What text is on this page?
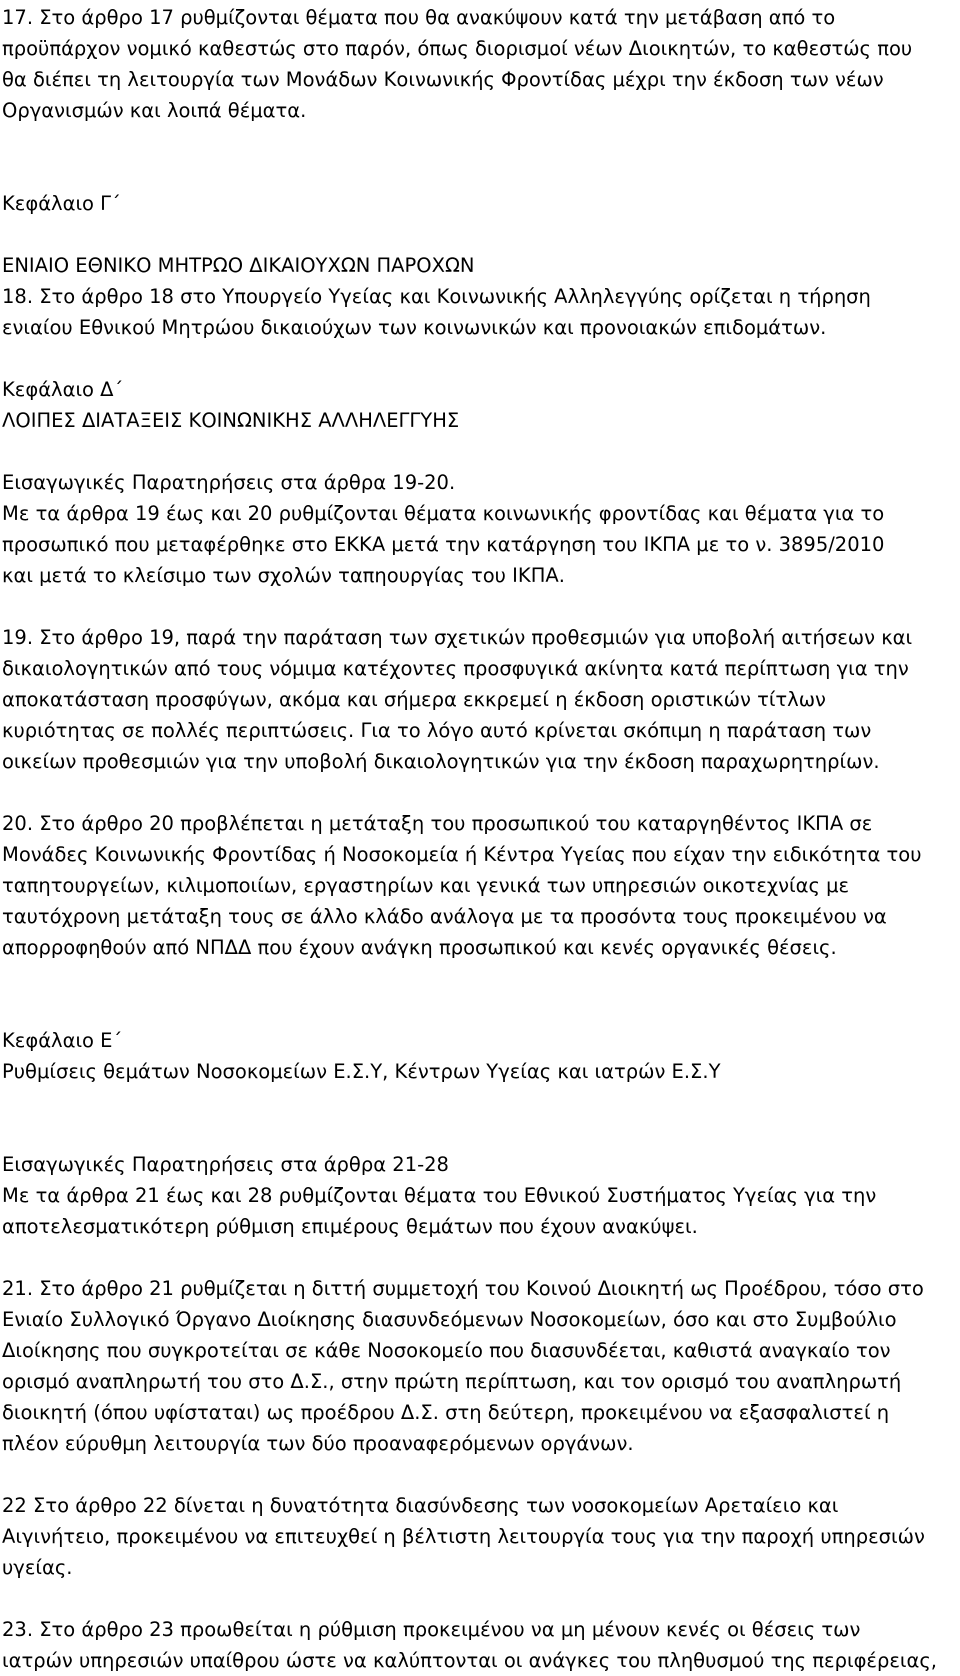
17. Στο άρθρο 17 ρυθμίζονται θέματα που θα ανακύψουν κατά την μετάβαση από το
προϋπάρχον νομικό καθεστώς στο παρόν, όπως διορισμοί νέων Διοικητών, το καθεστώς που
θα διέπει τη λειτουργία των Μονάδων Κοινωνικής Φροντίδας μέχρι την έκδοση των νέων
Οργανισμών και λοιπά θέματα.
Κεφάλαιο Γ΄
ΕΝΙΑΙΟ ΕΘΝΙΚΟ ΜΗΤΡΩΟ ΔΙΚΑΙΟΥΧΩΝ ΠΑΡΟΧΩΝ
18. Στο άρθρο 18 στο Υπουργείο Υγείας και Κοινωνικής Αλληλεγγύης ορίζεται η τήρηση
ενιαίου Εθνικού Μητρώου δικαιούχων των κοινωνικών και προνοιακών επιδομάτων.
Κεφάλαιο Δ΄
ΛΟΙΠΕΣ ΔΙΑΤΑΞΕΙΣ ΚΟΙΝΩΝΙΚΗΣ ΑΛΛΗΛΕΓΓΥΗΣ
Εισαγωγικές Παρατηρήσεις στα άρθρα 19-20.
Με τα άρθρα 19 έως και 20 ρυθμίζονται θέματα κοινωνικής φροντίδας και θέματα για το
προσωπικό που μεταφέρθηκε στο ΕΚΚΑ μετά την κατάργηση του ΙΚΠΑ με το ν. 3895/2010
και μετά το κλείσιμο των σχολών ταπηουργίας του ΙΚΠΑ.
19. Στο άρθρο 19, παρά την παράταση των σχετικών προθεσμιών για υποβολή αιτήσεων και
δικαιολογητικών από τους νόμιμα κατέχοντες προσφυγικά ακίνητα κατά περίπτωση για την
αποκατάσταση προσφύγων, ακόμα και σήμερα εκκρεμεί η έκδοση οριστικών τίτλων
κυριότητας σε πολλές περιπτώσεις. Για το λόγο αυτό κρίνεται σκόπιμη η παράταση των
οικείων προθεσμιών για την υποβολή δικαιολογητικών για την έκδοση παραχωρητηρίων.
20. Στο άρθρο 20 προβλέπεται η μετάταξη του προσωπικού του καταργηθέντος ΙΚΠΑ σε
Μονάδες Κοινωνικής Φροντίδας ή Νοσοκομεία ή Κέντρα Υγείας που είχαν την ειδικότητα του
ταπητουργείων, κιλιμοποιίων, εργαστηρίων και γενικά των υπηρεσιών οικοτεχνίας με
ταυτόχρονη μετάταξη τους σε άλλο κλάδο ανάλογα με τα προσόντα τους προκειμένου να
απορροφηθούν από ΝΠΔΔ που έχουν ανάγκη προσωπικού και κενές οργανικές θέσεις.
Κεφάλαιο Ε΄
Ρυθμίσεις θεμάτων Νοσοκομείων Ε.Σ.Υ, Κέντρων Υγείας και ιατρών Ε.Σ.Υ
Εισαγωγικές Παρατηρήσεις στα άρθρα 21-28
Με τα άρθρα 21 έως και 28 ρυθμίζονται θέματα του Εθνικού Συστήματος Υγείας για την
αποτελεσματικότερη ρύθμιση επιμέρους θεμάτων που έχουν ανακύψει.
21. Στο άρθρο 21 ρυθμίζεται η διττή συμμετοχή του Κοινού Διοικητή ως Προέδρου, τόσο στο
Ενιαίο Συλλογικό Όργανο Διοίκησης διασυνδεόμενων Νοσοκομείων, όσο και στο Συμβούλιο
Διοίκησης που συγκροτείται σε κάθε Νοσοκομείο που διασυνδέεται, καθιστά αναγκαίο τον
ορισμό αναπληρωτή του στο Δ.Σ., στην πρώτη περίπτωση, και τον ορισμό του αναπληρωτή
διοικητή (όπου υφίσταται) ως προέδρου Δ.Σ. στη δεύτερη, προκειμένου να εξασφαλιστεί η
πλέον εύρυθμη λειτουργία των δύο προαναφερόμενων οργάνων.
22 Στο άρθρο 22 δίνεται η δυνατότητα διασύνδεσης των νοσοκομείων Αρεταίειο και
Αιγινήτειο, προκειμένου να επιτευχθεί η βέλτιστη λειτουργία τους για την παροχή υπηρεσιών
υγείας.
23. Στο άρθρο 23 προωθείται η ρύθμιση προκειμένου να μη μένουν κενές οι θέσεις των
ιατρών υπηρεσιών υπαίθρου ώστε να καλύπτονται οι ανάγκες του πληθυσμού της περιφέρειας,
